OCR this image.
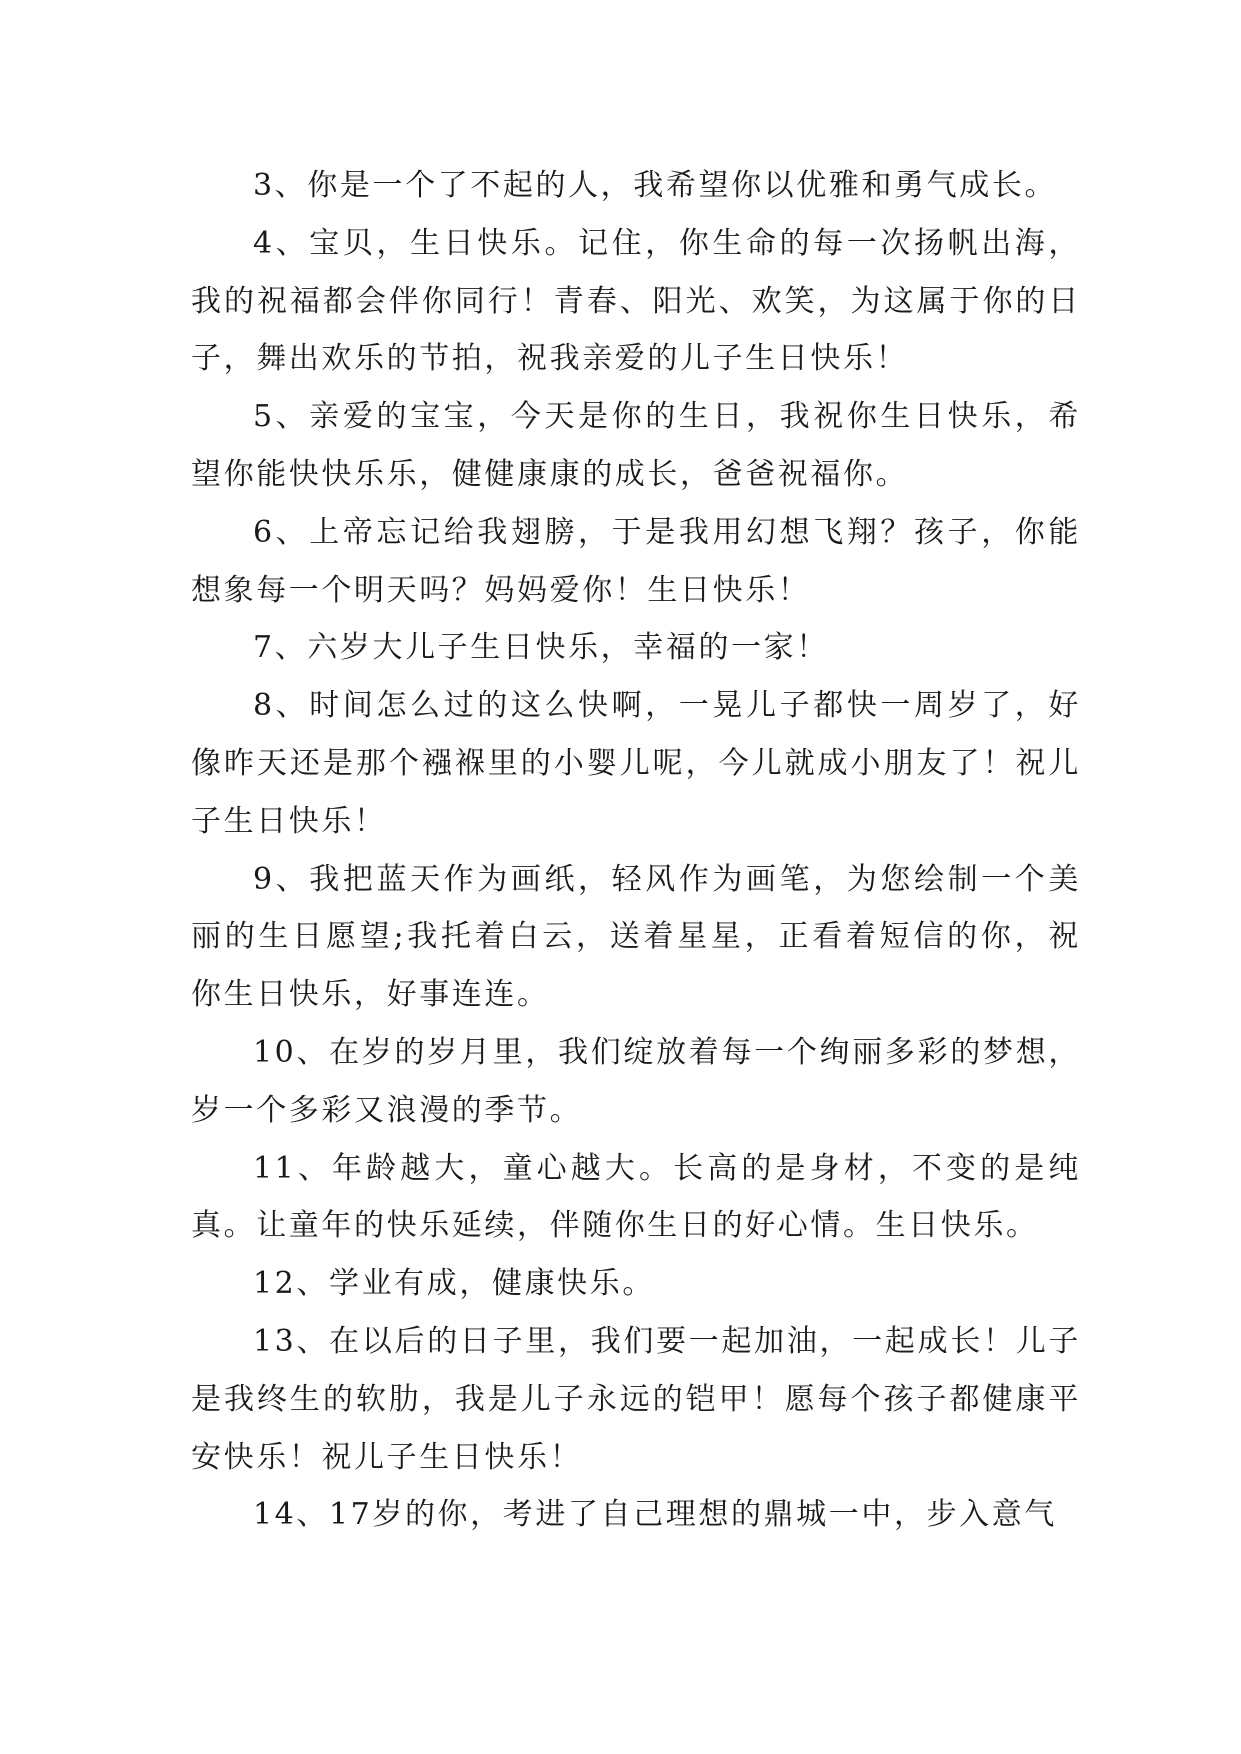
3、你是一个了不起的人，我希望你以优雅和勇气成长。

4、宝贝，生日快乐。记住，你生命的每一次扬帆出海，我的祝福都会伴你同行！青春、阳光、欢笑，为这属于你的日子，舞出欢乐的节拍，祝我亲爱的儿子生日快乐！

5、亲爱的宝宝，今天是你的生日，我祝你生日快乐，希望你能快快乐乐，健健康康的成长，爸爸祝福你。

6、上帝忘记给我翅膀，于是我用幻想飞翔？孩子，你能想象每一个明天吗？妈妈爱你！生日快乐！

7、六岁大儿子生日快乐，幸福的一家！

8、时间怎么过的这么快啊，一晃儿子都快一周岁了，好像昨天还是那个襁褓里的小婴儿呢，今儿就成小朋友了！祝儿子生日快乐！

9、我把蓝天作为画纸，轻风作为画笔，为您绘制一个美丽的生日愿望;我托着白云，送着星星，正看着短信的你，祝你生日快乐，好事连连。

10、在岁的岁月里，我们绽放着每一个绚丽多彩的梦想，岁一个多彩又浪漫的季节。

11、年龄越大，童心越大。长高的是身材，不变的是纯真。让童年的快乐延续，伴随你生日的好心情。生日快乐。

12、学业有成，健康快乐。

13、在以后的日子里，我们要一起加油，一起成长！儿子是我终生的软肋，我是儿子永远的铠甲！愿每个孩子都健康平安快乐！祝儿子生日快乐！

14、17岁的你，考进了自己理想的鼎城一中，步入意气
